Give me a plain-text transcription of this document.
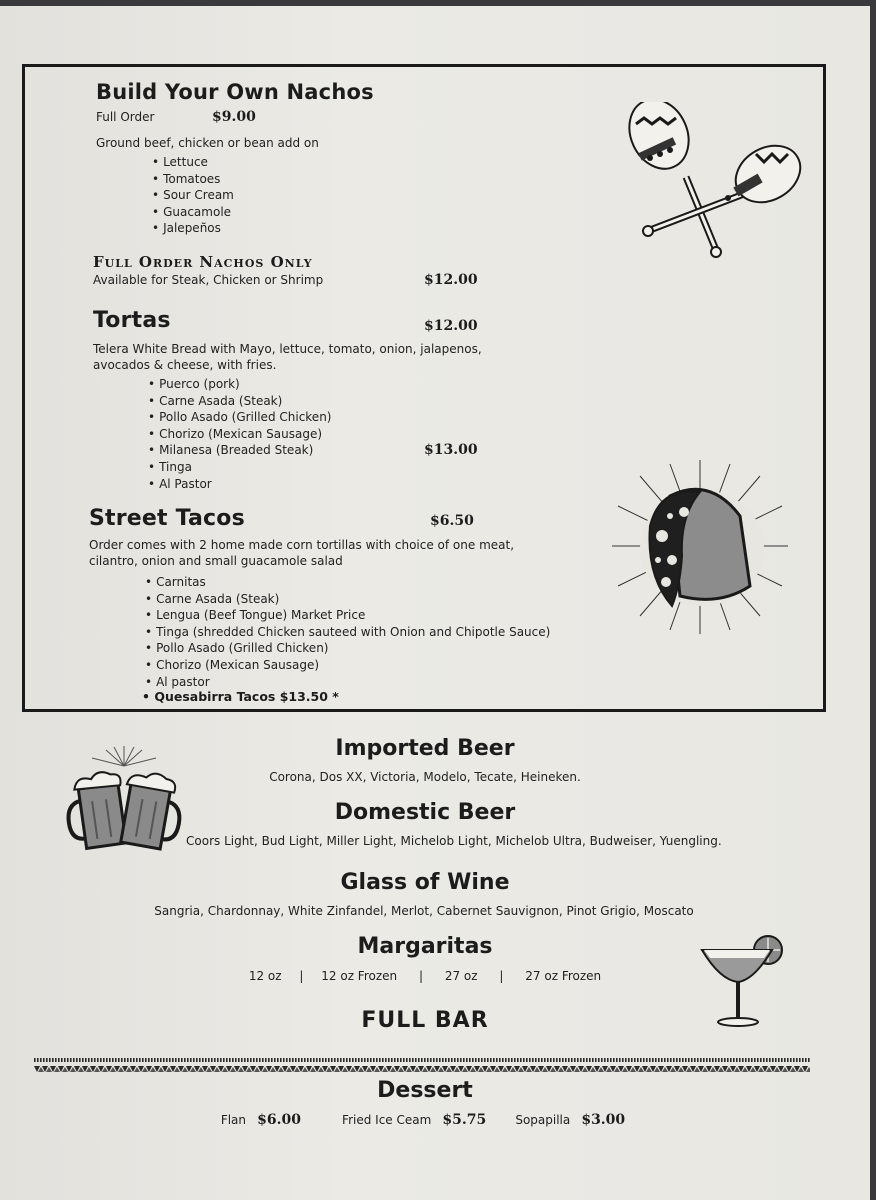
Build Your Own Nachos
Full Order	$9.00
Ground beef, chicken or bean add on
• Lettuce
• Tomatoes
• Sour Cream
• Guacamole
• Jalepeños
Full Order Nachos Only
Available for Steak, Chicken or Shrimp	$12.00
Tortas	$12.00
Telera White Bread with Mayo, lettuce, tomato, onion, jalapenos,
avocados & cheese, with fries.
• Puerco (pork)
• Carne Asada (Steak)
• Pollo Asado (Grilled Chicken)
• Chorizo (Mexican Sausage)
• Milanesa (Breaded Steak)
• Tinga
• Al Pastor
$13.00
Street Tacos	$6.50
Order comes with 2 home made corn tortillas with choice of one meat,
cilantro, onion and small guacamole salad
• Carnitas
• Carne Asada (Steak)
• Lengua (Beef Tongue) Market Price
• Tinga (shredded Chicken sauteed with Onion and Chipotle Sauce)
• Pollo Asado (Grilled Chicken)
• Chorizo (Mexican Sausage)
• Al pastor
• Quesabirra Tacos $13.50 *
Imported Beer
Corona, Dos XX, Victoria, Modelo, Tecate, Heineken.
Domestic Beer
Coors Light, Bud Light, Miller Light, Michelob Light, Michelob Ultra, Budweiser, Yuengling.
Glass of Wine
Sangria, Chardonnay, White Zinfandel, Merlot, Cabernet Sauvignon, Pinot Grigio, Moscato
Margaritas
12 oz | 12 oz Frozen | 27 oz | 27 oz Frozen
FULL BAR
Dessert
Flan $6.00	Fried Ice Ceam $5.75 Sopapilla $3.00
